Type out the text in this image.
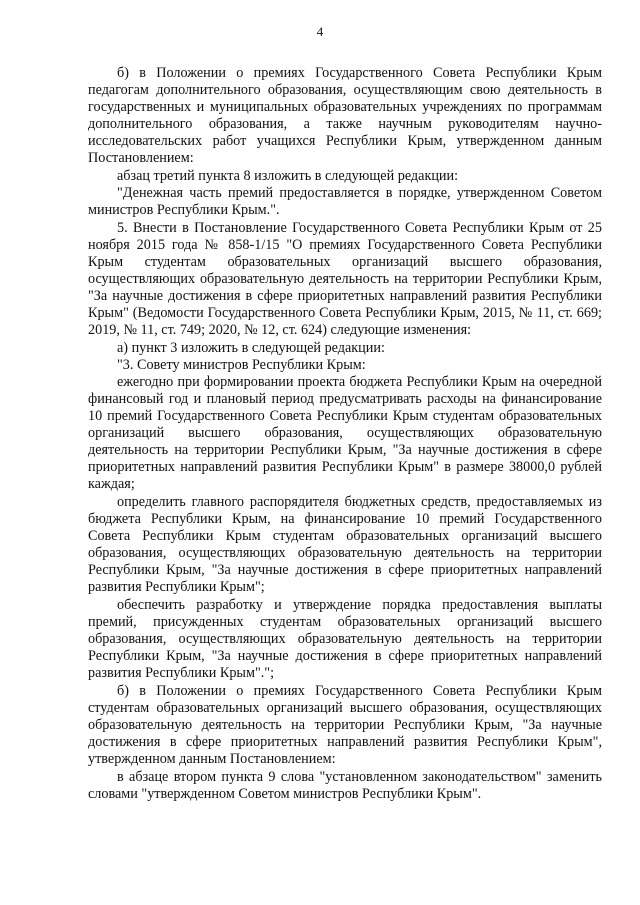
4

б) в Положении о премиях Государственного Совета Республики Крым педагогам дополнительного образования, осуществляющим свою деятельность в государственных и муниципальных образовательных учреждениях по программам дополнительного образования, а также научным руководителям научно-исследовательских работ учащихся Республики Крым, утвержденном данным Постановлением:

абзац третий пункта 8 изложить в следующей редакции:

"Денежная часть премий предоставляется в порядке, утвержденном Советом министров Республики Крым.".

5. Внести в Постановление Государственного Совета Республики Крым от 25 ноября 2015 года № 858-1/15 "О премиях Государственного Совета Республики Крым студентам образовательных организаций высшего образования, осуществляющих образовательную деятельность на территории Республики Крым, "За научные достижения в сфере приоритетных направлений развития Республики Крым" (Ведомости Государственного Совета Республики Крым, 2015, № 11, ст. 669; 2019, № 11, ст. 749; 2020, № 12, ст. 624) следующие изменения:

а) пункт 3 изложить в следующей редакции:

"3. Совету министров Республики Крым:

ежегодно при формировании проекта бюджета Республики Крым на очередной финансовый год и плановый период предусматривать расходы на финансирование 10 премий Государственного Совета Республики Крым студентам образовательных организаций высшего образования, осуществляющих образовательную деятельность на территории Республики Крым, "За научные достижения в сфере приоритетных направлений развития Республики Крым" в размере 38000,0 рублей каждая;

определить главного распорядителя бюджетных средств, предоставляемых из бюджета Республики Крым, на финансирование 10 премий Государственного Совета Республики Крым студентам образовательных организаций высшего образования, осуществляющих образовательную деятельность на территории Республики Крым, "За научные достижения в сфере приоритетных направлений развития Республики Крым";

обеспечить разработку и утверждение порядка предоставления выплаты премий, присужденных студентам образовательных организаций высшего образования, осуществляющих образовательную деятельность на территории Республики Крым, "За научные достижения в сфере приоритетных направлений развития Республики Крым".";

б) в Положении о премиях Государственного Совета Республики Крым студентам образовательных организаций высшего образования, осуществляющих образовательную деятельность на территории Республики Крым, "За научные достижения в сфере приоритетных направлений развития Республики Крым", утвержденном данным Постановлением:

в абзаце втором пункта 9 слова "установленном законодательством" заменить словами "утвержденном Советом министров Республики Крым".
